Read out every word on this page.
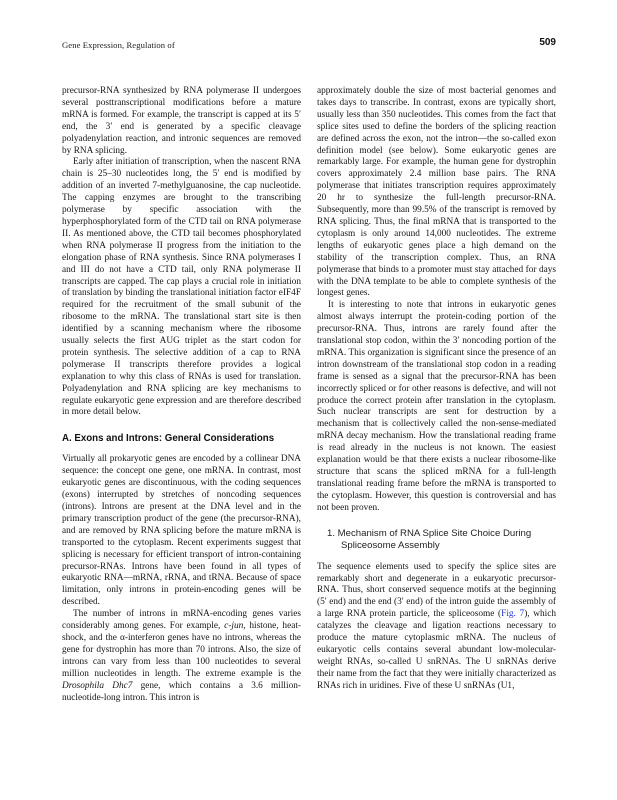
Gene Expression, Regulation of	509

precursor-RNA synthesized by RNA polymerase II undergoes several posttranscriptional modifications before a mature mRNA is formed. For example, the transcript is capped at its 5′ end, the 3′ end is generated by a specific cleavage polyadenylation reaction, and intronic sequences are removed by RNA splicing.

Early after initiation of transcription, when the nascent RNA chain is 25–30 nucleotides long, the 5′ end is modified by addition of an inverted 7-methylguanosine, the cap nucleotide. The capping enzymes are brought to the transcribing polymerase by specific association with the hyperphosphorylated form of the CTD tail on RNA polymerase II. As mentioned above, the CTD tail becomes phosphorylated when RNA polymerase II progress from the initiation to the elongation phase of RNA synthesis. Since RNA polymerases I and III do not have a CTD tail, only RNA polymerase II transcripts are capped. The cap plays a crucial role in initiation of translation by binding the translational initiation factor eIF4F required for the recruitment of the small subunit of the ribosome to the mRNA. The translational start site is then identified by a scanning mechanism where the ribosome usually selects the first AUG triplet as the start codon for protein synthesis. The selective addition of a cap to RNA polymerase II transcripts therefore provides a logical explanation to why this class of RNAs is used for translation. Polyadenylation and RNA splicing are key mechanisms to regulate eukaryotic gene expression and are therefore described in more detail below.

A. Exons and Introns: General Considerations

Virtually all prokaryotic genes are encoded by a collinear DNA sequence: the concept one gene, one mRNA. In contrast, most eukaryotic genes are discontinuous, with the coding sequences (exons) interrupted by stretches of noncoding sequences (introns). Introns are present at the DNA level and in the primary transcription product of the gene (the precursor-RNA), and are removed by RNA splicing before the mature mRNA is transported to the cytoplasm. Recent experiments suggest that splicing is necessary for efficient transport of intron-containing precursor-RNAs. Introns have been found in all types of eukaryotic RNA—mRNA, rRNA, and tRNA. Because of space limitation, only introns in protein-encoding genes will be described.

The number of introns in mRNA-encoding genes varies considerably among genes. For example, c-jun, histone, heat-shock, and the α-interferon genes have no introns, whereas the gene for dystrophin has more than 70 introns. Also, the size of introns can vary from less than 100 nucleotides to several million nucleotides in length. The extreme example is the Drosophila Dhc7 gene, which contains a 3.6 million-nucleotide-long intron. This intron is

approximately double the size of most bacterial genomes and takes days to transcribe. In contrast, exons are typically short, usually less than 350 nucleotides. This comes from the fact that splice sites used to define the borders of the splicing reaction are defined across the exon, not the intron—the so-called exon definition model (see below). Some eukaryotic genes are remarkably large. For example, the human gene for dystrophin covers approximately 2.4 million base pairs. The RNA polymerase that initiates transcription requires approximately 20 hr to synthesize the full-length precursor-RNA. Subsequently, more than 99.5% of the transcript is removed by RNA splicing. Thus, the final mRNA that is transported to the cytoplasm is only around 14,000 nucleotides. The extreme lengths of eukaryotic genes place a high demand on the stability of the transcription complex. Thus, an RNA polymerase that binds to a promoter must stay attached for days with the DNA template to be able to complete synthesis of the longest genes.

It is interesting to note that introns in eukaryotic genes almost always interrupt the protein-coding portion of the precursor-RNA. Thus, introns are rarely found after the translational stop codon, within the 3′ noncoding portion of the mRNA. This organization is significant since the presence of an intron downstream of the translational stop codon in a reading frame is sensed as a signal that the precursor-RNA has been incorrectly spliced or for other reasons is defective, and will not produce the correct protein after translation in the cytoplasm. Such nuclear transcripts are sent for destruction by a mechanism that is collectively called the non-sense-mediated mRNA decay mechanism. How the translational reading frame is read already in the nucleus is not known. The easiest explanation would be that there exists a nuclear ribosome-like structure that scans the spliced mRNA for a full-length translational reading frame before the mRNA is transported to the cytoplasm. However, this question is controversial and has not been proven.

1. Mechanism of RNA Splice Site Choice During Spliceosome Assembly

The sequence elements used to specify the splice sites are remarkably short and degenerate in a eukaryotic precursor-RNA. Thus, short conserved sequence motifs at the beginning (5′ end) and the end (3′ end) of the intron guide the assembly of a large RNA protein particle, the spliceosome (Fig. 7), which catalyzes the cleavage and ligation reactions necessary to produce the mature cytoplasmic mRNA. The nucleus of eukaryotic cells contains several abundant low-molecular-weight RNAs, so-called U snRNAs. The U snRNAs derive their name from the fact that they were initially characterized as RNAs rich in uridines. Five of these U snRNAs (U1,
